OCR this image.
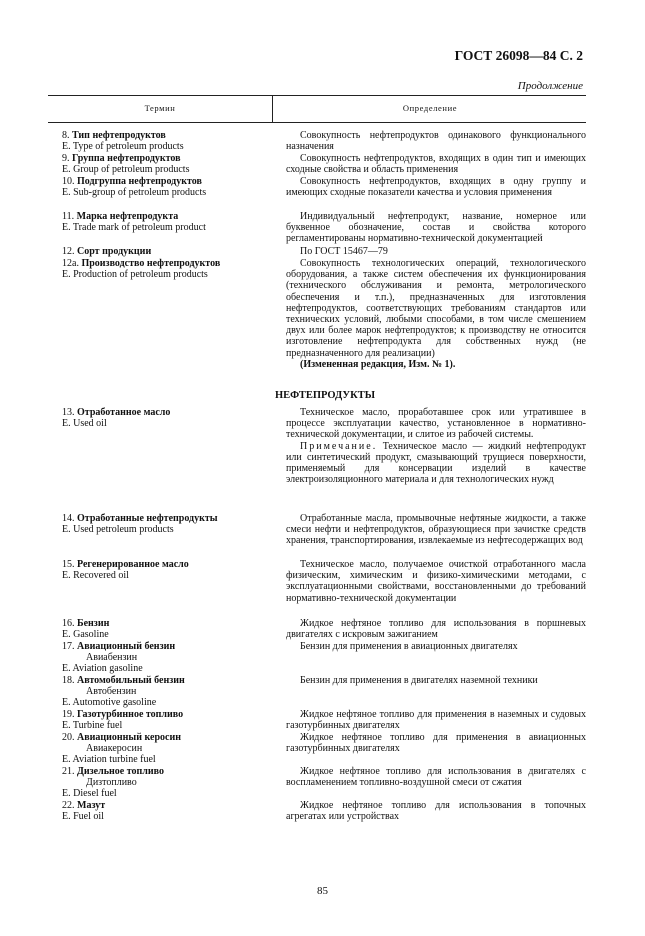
ГОСТ 26098—84 С. 2
Продолжение
Термин	Определение
8. Тип нефтепродуктов
E. Type of petroleum products
Совокупность нефтепродуктов одинакового функционального назначения
9. Группа нефтепродуктов
E. Group of petroleum products
Совокупность нефтепродуктов, входящих в один тип и имеющих сходные свойства и область применения
10. Подгруппа нефтепродуктов
E. Sub-group of petroleum products
Совокупность нефтепродуктов, входящих в одну группу и имеющих сходные показатели качества и условия применения
11. Марка нефтепродукта
E. Trade mark of petroleum product
Индивидуальный нефтепродукт, название, номерное или буквенное обозначение, состав и свойства которого регламентированы нормативно-технической документацией
12. Сорт продукции	По ГОСТ 15467—79
12а. Производство нефтепродуктов
E. Production of petroleum products
Совокупность технологических операций, технологического оборудования, а также систем обеспечения их функционирования (технического обслуживания и ремонта, метрологического обеспечения и т.п.), предназначенных для изготовления нефтепродуктов, соответствующих требованиям стандартов или технических условий, любыми способами, в том числе смешением двух или более марок нефтепродуктов; к производству не относится изготовление нефтепродукта для собственных нужд (не предназначенного для реализации)
(Измененная редакция, Изм. № 1).
НЕФТЕПРОДУКТЫ
13. Отработанное масло
E. Used oil
Техническое масло, проработавшее срок или утратившее в процессе эксплуатации качество, установленное в нормативно-технической документации, и слитое из рабочей системы.
Примечание. Техническое масло — жидкий нефтепродукт или синтетический продукт, смазывающий трущиеся поверхности, применяемый для консервации изделий в качестве электроизоляционного материала и для технологических нужд
14. Отработанные нефтепродукты
E. Used petroleum products
Отработанные масла, промывочные нефтяные жидкости, а также смеси нефти и нефтепродуктов, образующиеся при зачистке средств хранения, транспортирования, извлекаемые из нефтесодержащих вод
15. Регенерированное масло
E. Recovered oil
Техническое масло, получаемое очисткой отработанного масла физическим, химическим и физико-химическими методами, с эксплуатационными свойствами, восстановленными до требований нормативно-технической документации
16. Бензин
E. Gasoline
Жидкое нефтяное топливо для использования в поршневых двигателях с искровым зажиганием
17. Авиационный бензин
Авиабензин
E. Aviation gasoline
Бензин для применения в авиационных двигателях
18. Автомобильный бензин
Автобензин
E. Automotive gasoline
Бензин для применения в двигателях наземной техники
19. Газотурбинное топливо
E. Turbine fuel
Жидкое нефтяное топливо для применения в наземных и судовых газотурбинных двигателях
20. Авиационный керосин
Авиакеросин
E. Aviation turbine fuel
Жидкое нефтяное топливо для применения в авиационных газотурбинных двигателях
21. Дизельное топливо
Дизтопливо
E. Diesel fuel
Жидкое нефтяное топливо для использования в двигателях с воспламенением топливно-воздушной смеси от сжатия
22. Мазут
E. Fuel oil
Жидкое нефтяное топливо для использования в топочных агрегатах или устройствах
85
